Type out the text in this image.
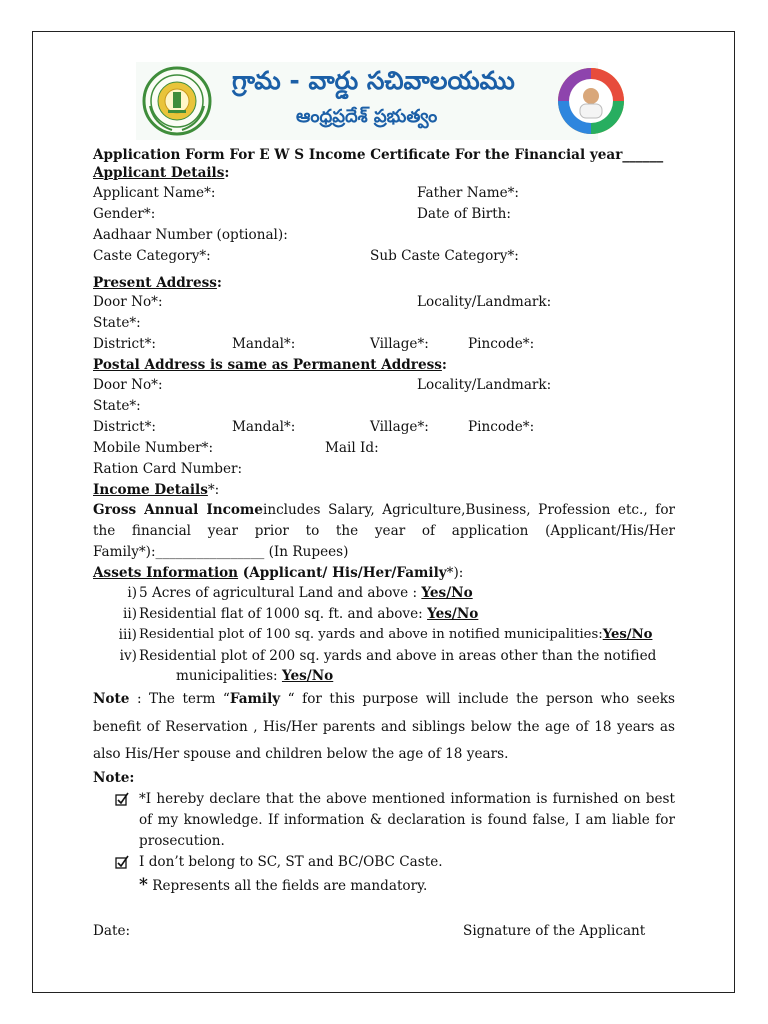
గ్రామ - వార్డు సచివాలయము
ఆంధ్రప్రదేశ్ ప్రభుత్వం
Application Form For E W S Income Certificate For the Financial year______
Applicant Details:
Applicant Name*:	Father Name*:
Gender*:	Date of Birth:
Aadhaar Number (optional):
Caste Category*:	Sub Caste Category*:
Present Address:
Door No*:	Locality/Landmark:
State*:
District*:	Mandal*:	Village*:	Pincode*:
Postal Address is same as Permanent Address:
Door No*:	Locality/Landmark:
State*:
District*:	Mandal*:	Village*:	Pincode*:
Mobile Number*:	Mail Id:
Ration Card Number:
Income Details*:
Gross Annual Incomeincludes Salary, Agriculture,Business, Profession etc., for the financial year prior to the year of application (Applicant/His/Her Family*):________________ (In Rupees)
Assets Information (Applicant/ His/Her/Family*):
i) 5 Acres of agricultural Land and above : Yes/No
ii) Residential flat of 1000 sq. ft. and above: Yes/No
iii) Residential plot of 100 sq. yards and above in notified municipalities:Yes/No
iv) Residential plot of 200 sq. yards and above in areas other than the notified
municipalities: Yes/No
Note : The term “Family “ for this purpose will include the person who seeks benefit of Reservation , His/Her parents and siblings below the age of 18 years as also His/Her spouse and children below the age of 18 years.
Note:
*I hereby declare that the above mentioned information is furnished on best of my knowledge. If information & declaration is found false, I am liable for prosecution.
I don’t belong to SC, ST and BC/OBC Caste.
* Represents all the fields are mandatory.
Date:	Signature of the Applicant
